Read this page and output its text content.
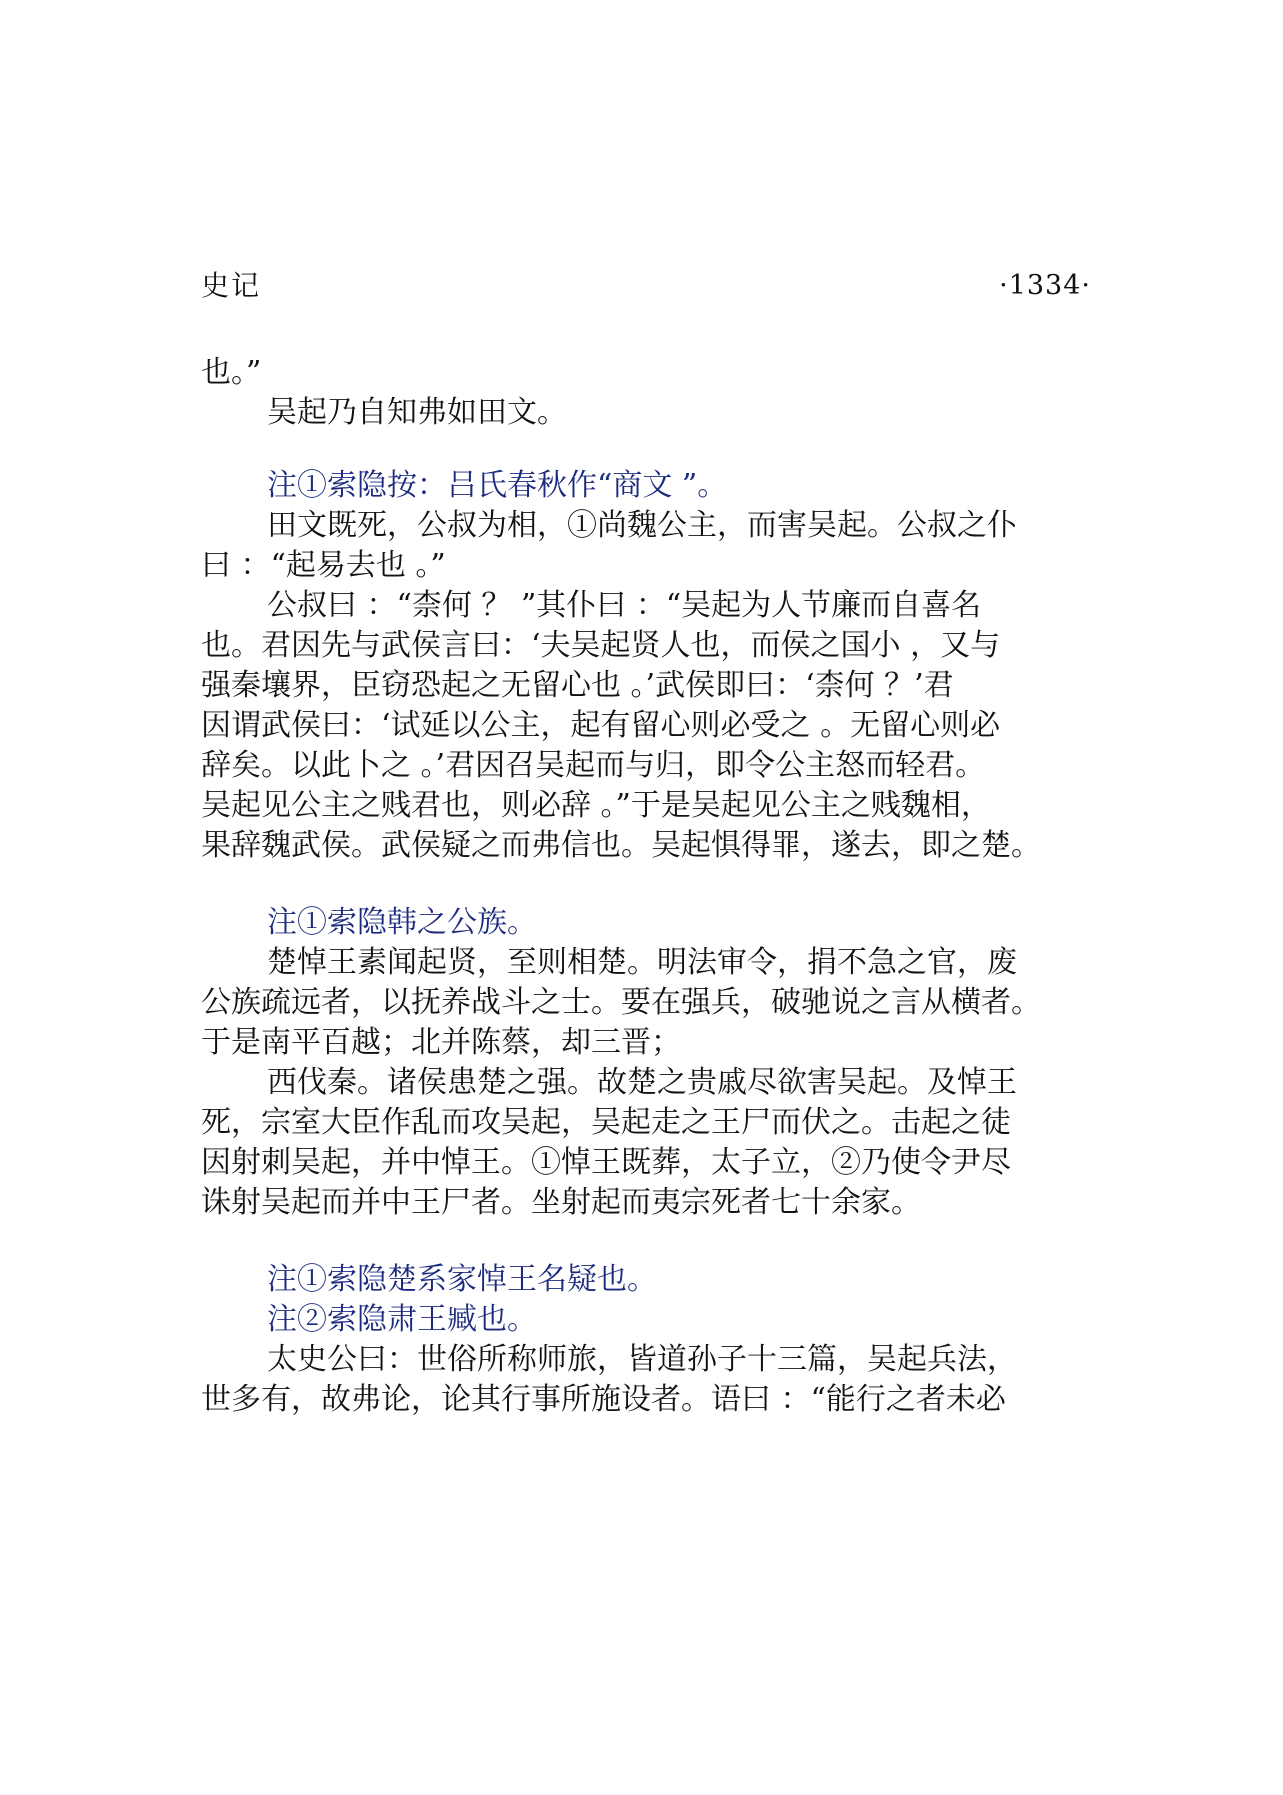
史记	·1334·
也。”
吴起乃自知弗如田文。
注①索隐按：吕氏春秋作“商文 ”。
田文既死，公叔为相，①尚魏公主，而害吴起。公叔之仆
曰 ：“起易去也 。”
公叔曰 ：“柰何 ？ ”其仆曰 ：“吴起为人节廉而自喜名
也。君因先与武侯言曰：‘夫吴起贤人也，而侯之国小 ，又与
强秦壤界，臣窃恐起之无留心也 。’武侯即曰：‘柰何 ？’君
因谓武侯曰：‘试延以公主，起有留心则必受之 。无留心则必
辞矣。以此卜之 。’君因召吴起而与归，即令公主怒而轻君。
吴起见公主之贱君也，则必辞 。”于是吴起见公主之贱魏相，
果辞魏武侯。武侯疑之而弗信也。吴起惧得罪，遂去，即之楚。
注①索隐韩之公族。
楚悼王素闻起贤，至则相楚。明法审令，捐不急之官，废
公族疏远者，以抚养战斗之士。要在强兵，破驰说之言从横者。
于是南平百越；北并陈蔡，却三晋；
西伐秦。诸侯患楚之强。故楚之贵戚尽欲害吴起。及悼王
死，宗室大臣作乱而攻吴起，吴起走之王尸而伏之。击起之徒
因射刺吴起，并中悼王。①悼王既葬，太子立，②乃使令尹尽
诛射吴起而并中王尸者。坐射起而夷宗死者七十余家。
注①索隐楚系家悼王名疑也。
注②索隐肃王臧也。
太史公曰：世俗所称师旅，皆道孙子十三篇，吴起兵法，
世多有，故弗论，论其行事所施设者。语曰 ：“能行之者未必
